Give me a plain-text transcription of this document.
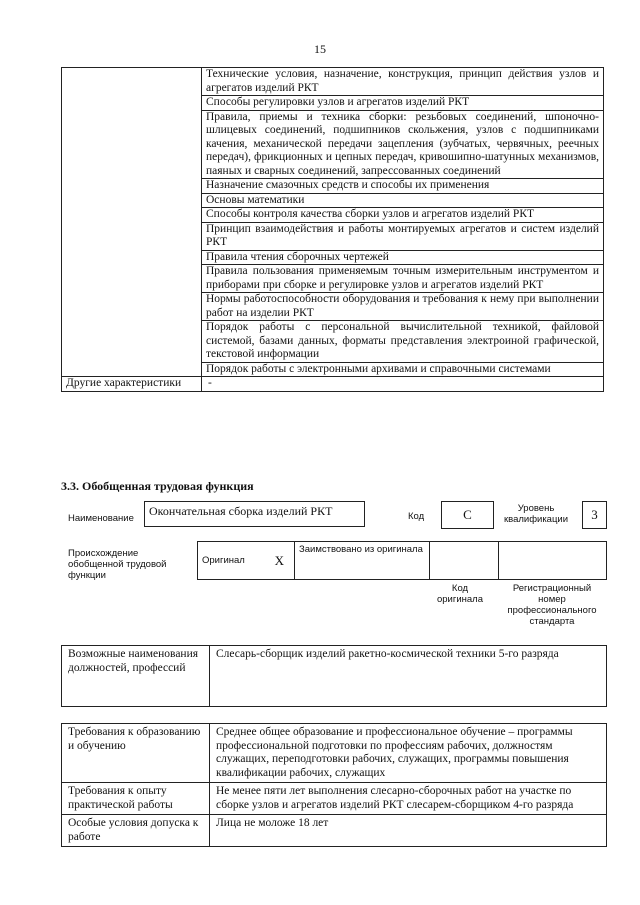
15
	Технические условия, назначение, конструкция, принцип действия узлов и агрегатов изделий РКТ
	Способы регулировки узлов и агрегатов изделий РКТ
	Правила, приемы и техника сборки: резьбовых соединений, шпоночно-шлицевых соединений, подшипников скольжения, узлов с подшипниками качения, механической передачи зацепления (зубчатых, червячных, реечных передач), фрикционных и цепных передач, кривошипно-шатунных механизмов, паяных и сварных соединений, запрессованных соединений
	Назначение смазочных средств и способы их применения
	Основы математики
	Способы контроля качества сборки узлов и агрегатов изделий РКТ
	Принцип взаимодействия и работы монтируемых агрегатов и систем изделий РКТ
	Правила чтения сборочных чертежей
	Правила пользования применяемым точным измерительным инструментом и приборами при сборке и регулировке узлов и агрегатов изделий РКТ
	Нормы работоспособности оборудования и требования к нему при выполнении работ на изделии РКТ
	Порядок работы с персональной вычислительной техникой, файловой системой, базами данных, форматы представления электроиной графической, текстовой информации
	Порядок работы с электронными архивами и справочными системами
Другие характеристики	-
3.3. Обобщенная трудовая функция
Наименование
Окончательная сборка изделий РКТ	Код	C	Уровень квалификации	3
Происхождение обобщенной трудовой функции
Оригинал X
	Заимствовано из оригинала		
Код оригинала
Регистрационный номер профессионального стандарта
Возможные наименования должностей, профессий	Слесарь-сборщик изделий ракетно-космической техники 5-го разряда
Требования к образованию и обучению	Среднее общее образование и профессиональное обучение – программы профессиональной подготовки по профессиям рабочих, должностям служащих, переподготовки рабочих, служащих, программы повышения квалификации рабочих, служащих
Требования к опыту практической работы	Не менее пяти лет выполнения слесарно-сборочных работ на участке по сборке узлов и агрегатов изделий РКТ слесарем-сборщиком 4-го разряда
Особые условия допуска к работе	Лица не моложе 18 лет
